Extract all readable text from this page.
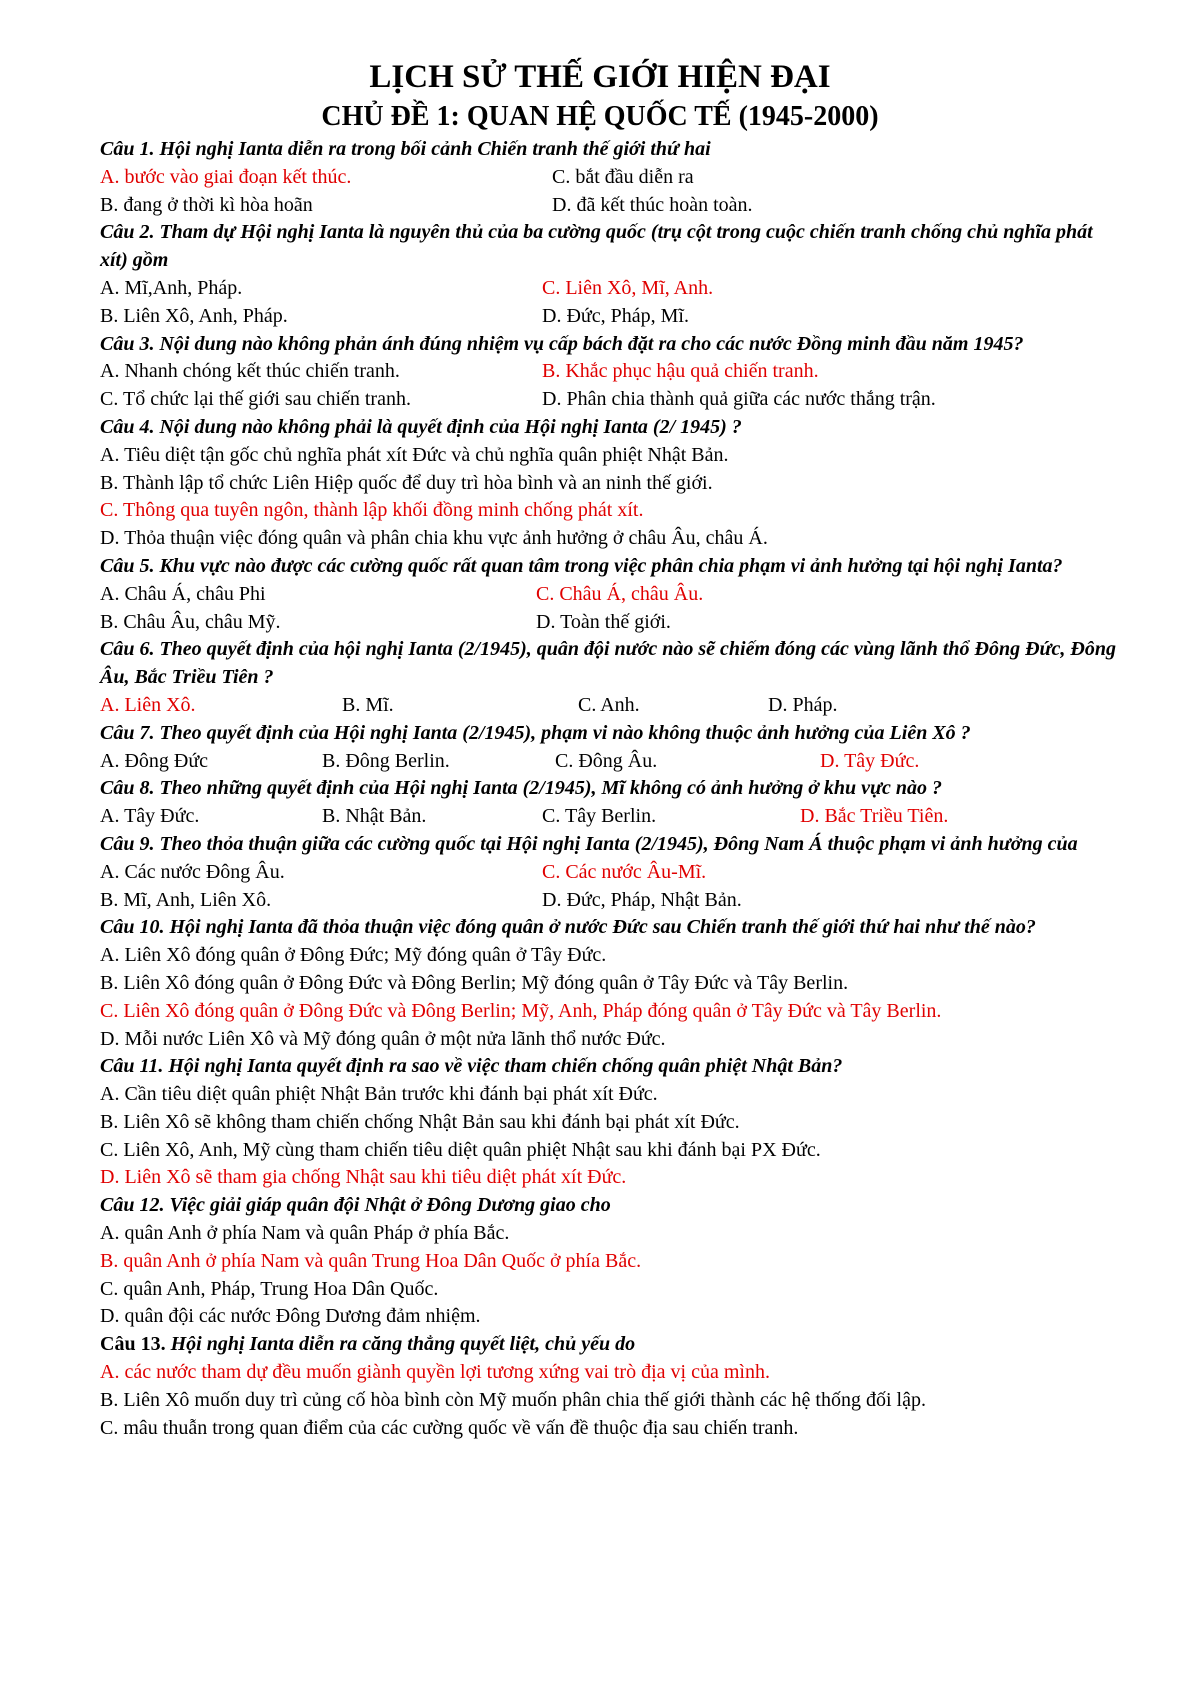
LỊCH SỬ THẾ GIỚI HIỆN ĐẠI
CHỦ ĐỀ 1: QUAN HỆ QUỐC TẾ (1945-2000)
Câu 1. Hội nghị Ianta diễn ra trong bối cảnh Chiến tranh thế giới thứ hai
A. bước vào giai đoạn kết thúc.	C. bắt đầu diễn ra
B. đang ở thời kì hòa hoãn	D. đã kết thúc hoàn toàn.
Câu 2. Tham dự Hội nghị Ianta là nguyên thủ của ba cường quốc (trụ cột trong cuộc chiến tranh chống chủ nghĩa phát xít) gồm
A. Mĩ,Anh, Pháp.	C. Liên Xô, Mĩ, Anh.
B. Liên Xô, Anh, Pháp.	D. Đức, Pháp, Mĩ.
Câu 3. Nội dung nào không phản ánh đúng nhiệm vụ cấp bách đặt ra cho các nước Đồng minh đầu năm 1945?
A. Nhanh chóng kết thúc chiến tranh.	B. Khắc phục hậu quả chiến tranh.
C. Tổ chức lại thế giới sau chiến tranh.	D. Phân chia thành quả giữa các nước thắng trận.
Câu 4. Nội dung nào không phải là quyết định của Hội nghị Ianta (2/ 1945) ?
A. Tiêu diệt tận gốc chủ nghĩa phát xít Đức và chủ nghĩa quân phiệt Nhật Bản.
B. Thành lập tổ chức Liên Hiệp quốc để duy trì hòa bình và an ninh thế giới.
C. Thông qua tuyên ngôn, thành lập khối đồng minh chống phát xít.
D. Thỏa thuận việc đóng quân và phân chia khu vực ảnh hưởng ở châu Âu, châu Á.
Câu 5. Khu vực nào được các cường quốc rất quan tâm trong việc phân chia phạm vi ảnh hưởng tại hội nghị Ianta?
A. Châu Á, châu Phi	C. Châu Á, châu Âu.
B. Châu Âu, châu Mỹ.	D. Toàn thế giới.
Câu 6. Theo quyết định của hội nghị Ianta (2/1945), quân đội nước nào sẽ chiếm đóng các vùng lãnh thổ Đông Đức, Đông Âu, Bắc Triều Tiên ?
A. Liên Xô.	B. Mĩ.	C. Anh.	D. Pháp.
Câu 7. Theo quyết định của Hội nghị Ianta (2/1945), phạm vi nào không thuộc ảnh hưởng của Liên Xô ?
A. Đông Đức	B. Đông Berlin.	C. Đông Âu.	D. Tây Đức.
Câu 8. Theo những quyết định của Hội nghị Ianta (2/1945), Mĩ không có ảnh hưởng ở khu vực nào ?
A. Tây Đức.	B. Nhật Bản.	C. Tây Berlin.	D. Bắc Triều Tiên.
Câu 9. Theo thỏa thuận giữa các cường quốc tại Hội nghị Ianta (2/1945), Đông Nam Á thuộc phạm vi ảnh hưởng của
A. Các nước Đông Âu.	C. Các nước Âu-Mĩ.
B. Mĩ, Anh, Liên Xô.	D. Đức, Pháp, Nhật Bản.
Câu 10. Hội nghị Ianta đã thỏa thuận việc đóng quân ở nước Đức sau Chiến tranh thế giới thứ hai như thế nào?
A. Liên Xô đóng quân ở Đông Đức; Mỹ đóng quân ở Tây Đức.
B. Liên Xô đóng quân ở Đông Đức và Đông Berlin; Mỹ đóng quân ở Tây Đức và Tây Berlin.
C. Liên Xô đóng quân ở Đông Đức và Đông Berlin; Mỹ, Anh, Pháp đóng quân ở Tây Đức và Tây Berlin.
D. Mỗi nước Liên Xô và Mỹ đóng quân ở một nửa lãnh thổ nước Đức.
Câu 11. Hội nghị Ianta quyết định ra sao về việc tham chiến chống quân phiệt Nhật Bản?
A. Cần tiêu diệt quân phiệt Nhật Bản trước khi đánh bại phát xít Đức.
B. Liên Xô sẽ không tham chiến chống Nhật Bản sau khi đánh bại phát xít Đức.
C. Liên Xô, Anh, Mỹ cùng tham chiến tiêu diệt quân phiệt Nhật sau khi đánh bại PX Đức.
D. Liên Xô sẽ tham gia chống Nhật sau khi tiêu diệt phát xít Đức.
Câu 12. Việc giải giáp quân đội Nhật ở Đông Dương giao cho
A. quân Anh ở phía Nam và quân Pháp ở phía Bắc.
B. quân Anh ở phía Nam và quân Trung Hoa Dân Quốc ở phía Bắc.
C. quân Anh, Pháp, Trung Hoa Dân Quốc.
D. quân đội các nước Đông Dương đảm nhiệm.
Câu 13. Hội nghị Ianta diễn ra căng thẳng quyết liệt, chủ yếu do
A. các nước tham dự đều muốn giành quyền lợi tương xứng vai trò địa vị của mình.
B. Liên Xô muốn duy trì củng cố hòa bình còn Mỹ muốn phân chia thế giới thành các hệ thống đối lập.
C. mâu thuẫn trong quan điểm của các cường quốc về vấn đề thuộc địa sau chiến tranh.
